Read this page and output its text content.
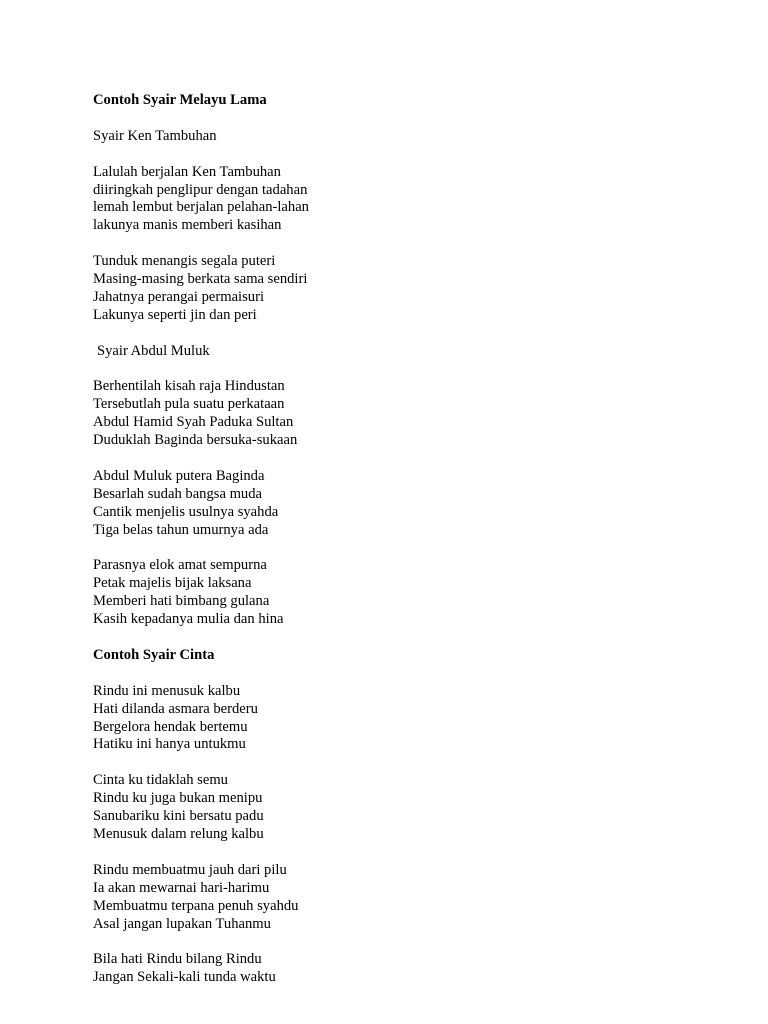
Contoh Syair Melayu Lama
Syair Ken Tambuhan
Lalulah berjalan Ken Tambuhan
diiringkah penglipur dengan tadahan
lemah lembut berjalan pelahan-lahan
lakunya manis memberi kasihan
Tunduk menangis segala puteri
Masing-masing berkata sama sendiri
Jahatnya perangai permaisuri
Lakunya seperti jin dan peri
Syair Abdul Muluk
Berhentilah kisah raja Hindustan
Tersebutlah pula suatu perkataan
Abdul Hamid Syah Paduka Sultan
Duduklah Baginda bersuka-sukaan
Abdul Muluk putera Baginda
Besarlah sudah bangsa muda
Cantik menjelis usulnya syahda
Tiga belas tahun umurnya ada
Parasnya elok amat sempurna
Petak majelis bijak laksana
Memberi hati bimbang gulana
Kasih kepadanya mulia dan hina
Contoh Syair Cinta
Rindu ini menusuk kalbu
Hati dilanda asmara berderu
Bergelora hendak bertemu
Hatiku ini hanya untukmu
Cinta ku tidaklah semu
Rindu ku juga bukan menipu
Sanubariku kini bersatu padu
Menusuk dalam relung kalbu
Rindu membuatmu jauh dari pilu
Ia akan mewarnai hari-harimu
Membuatmu terpana penuh syahdu
Asal jangan lupakan Tuhanmu
Bila hati Rindu bilang Rindu
Jangan Sekali-kali tunda waktu
